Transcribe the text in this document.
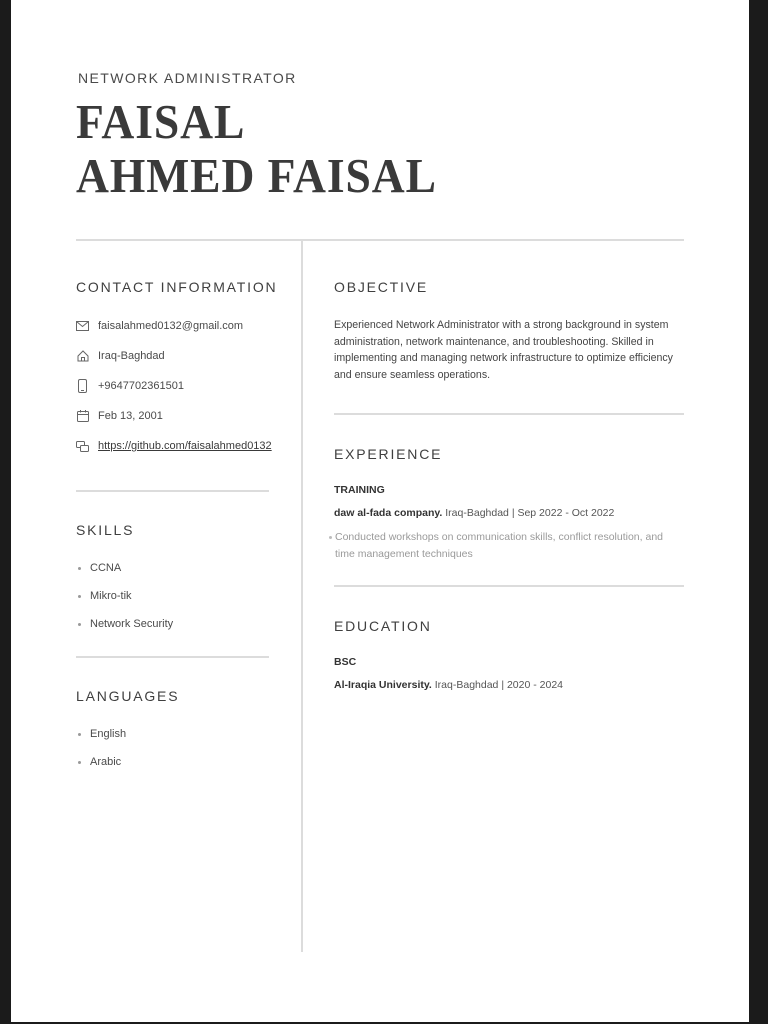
NETWORK ADMINISTRATOR
FAISAL
AHMED FAISAL
CONTACT INFORMATION
faisalahmed0132@gmail.com
Iraq-Baghdad
+9647702361501
Feb 13, 2001
https://github.com/faisalahmed0132
SKILLS
CCNA
Mikro-tik
Network Security
LANGUAGES
English
Arabic
OBJECTIVE
Experienced Network Administrator with a strong background in system administration, network maintenance, and troubleshooting. Skilled in implementing and managing network infrastructure to optimize efficiency and ensure seamless operations.
EXPERIENCE
TRAINING
daw al-fada company. Iraq-Baghdad | Sep 2022 - Oct 2022
Conducted workshops on communication skills, conflict resolution, and time management techniques
EDUCATION
BSC
Al-Iraqia University. Iraq-Baghdad | 2020 - 2024
